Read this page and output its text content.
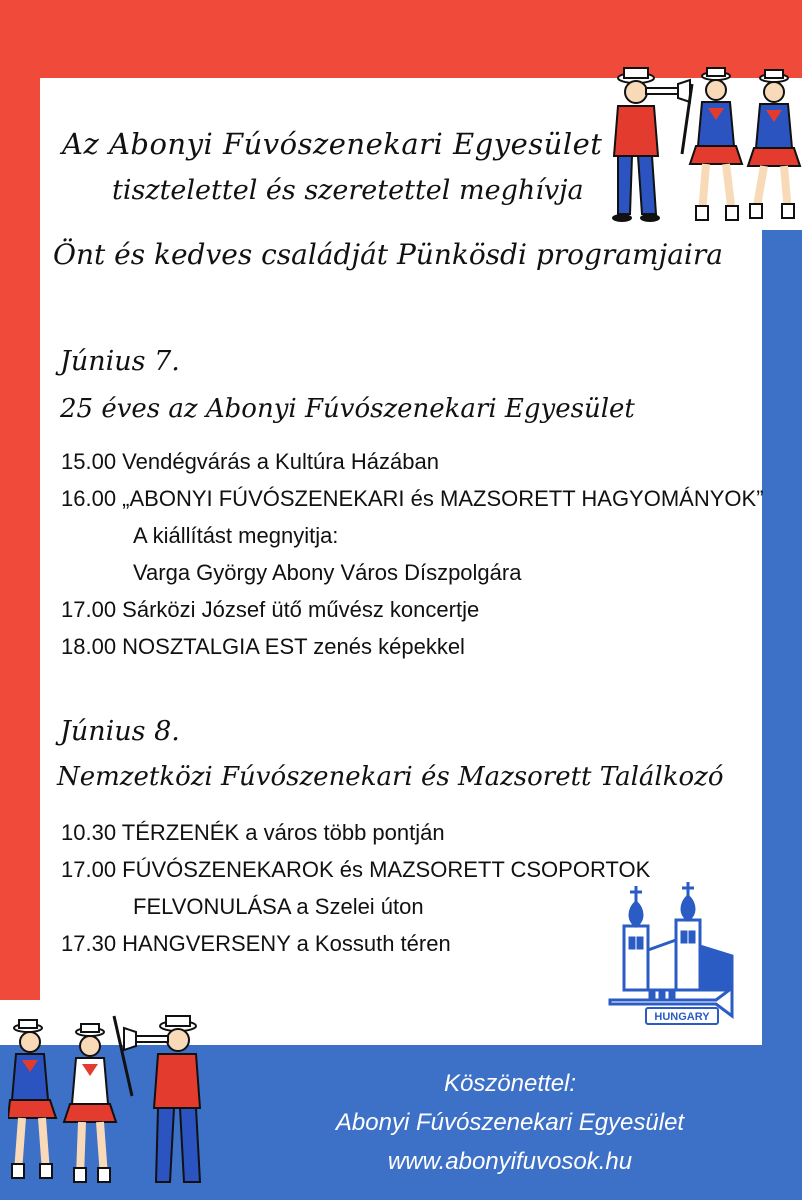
Az Abonyi Fúvószenekari Egyesület
tisztelettel és szeretettel meghívja
Önt és kedves családját Pünkösdi programjaira
Június 7.
25 éves az Abonyi Fúvószenekari Egyesület
15.00 Vendégvárás a Kultúra Házában
16.00 „ABONYI FÚVÓSZENEKARI és MAZSORETT HAGYOMÁNYOK”
A kiállítást megnyitja:
Varga György Abony Város Díszpolgára
17.00 Sárközi József ütő művész koncertje
18.00 NOSZTALGIA EST zenés képekkel
Június 8.
Nemzetközi Fúvószenekari és Mazsorett Találkozó
10.30 TÉRZENÉK a város több pontján
17.00 FÚVÓSZENEKAROK és MAZSORETT CSOPORTOK
FELVONULÁSA a Szelei úton
17.30 HANGVERSENY a Kossuth téren
HUNGARY
Köszönettel:
Abonyi Fúvószenekari Egyesület
www.abonyifuvosok.hu
